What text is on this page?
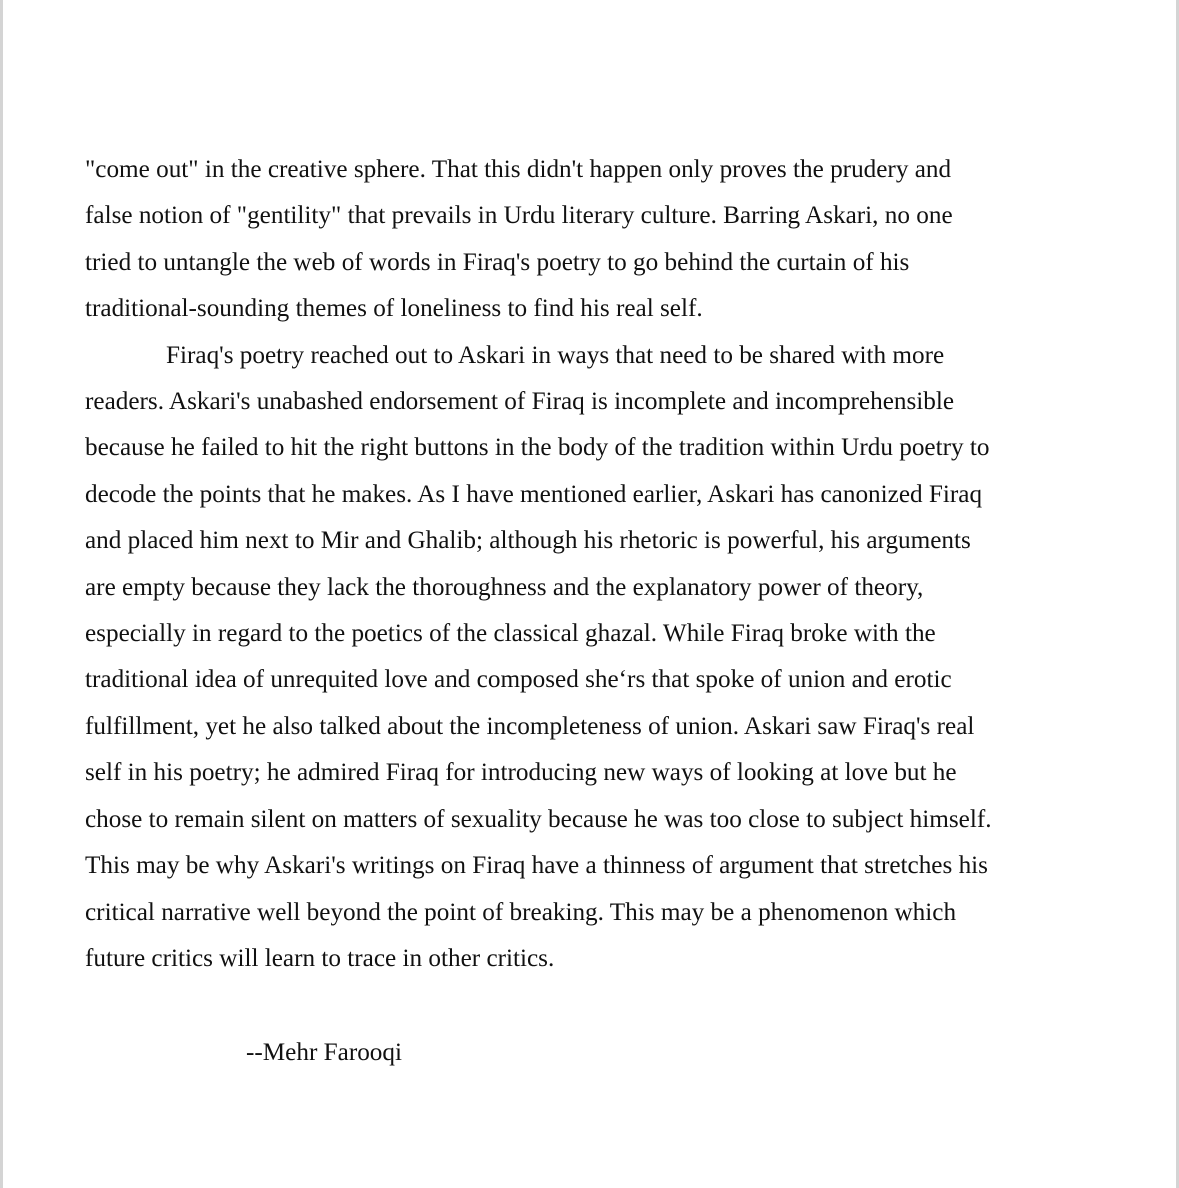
"come out" in the creative sphere. That this didn't happen only proves the prudery and
false notion of "gentility" that prevails in Urdu literary culture. Barring Askari, no one
tried to untangle the web of words in Firaq's poetry to go behind the curtain of his
traditional-sounding themes of loneliness to find his real self.
Firaq's poetry reached out to Askari in ways that need to be shared with more
readers. Askari's unabashed endorsement of Firaq is incomplete and incomprehensible
because he failed to hit the right buttons in the body of the tradition within Urdu poetry to
decode the points that he makes. As I have mentioned earlier, Askari has canonized Firaq
and placed him next to Mir and Ghalib; although his rhetoric is powerful, his arguments
are empty because they lack the thoroughness and the explanatory power of theory,
especially in regard to the poetics of the classical ghazal. While Firaq broke with the
traditional idea of unrequited love and composed she‘rs that spoke of union and erotic
fulfillment, yet he also talked about the incompleteness of union. Askari saw Firaq's real
self in his poetry; he admired Firaq for introducing new ways of looking at love but he
chose to remain silent on matters of sexuality because he was too close to subject himself.
This may be why Askari's writings on Firaq have a thinness of argument that stretches his
critical narrative well beyond the point of breaking. This may be a phenomenon which
future critics will learn to trace in other critics.
--Mehr Farooqi
